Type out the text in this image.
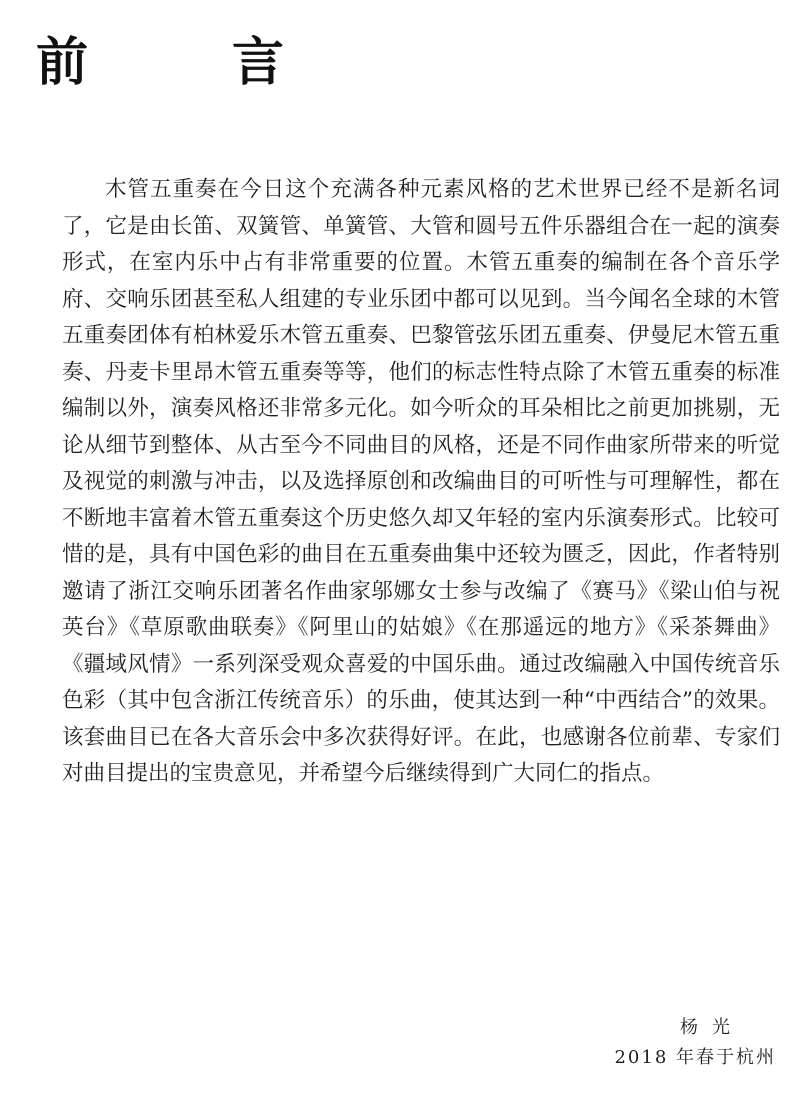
前　言

木管五重奏在今日这个充满各种元素风格的艺术世界已经不是新名词了，它是由长笛、双簧管、单簧管、大管和圆号五件乐器组合在一起的演奏形式，在室内乐中占有非常重要的位置。木管五重奏的编制在各个音乐学府、交响乐团甚至私人组建的专业乐团中都可以见到。当今闻名全球的木管五重奏团体有柏林爱乐木管五重奏、巴黎管弦乐团五重奏、伊曼尼木管五重奏、丹麦卡里昂木管五重奏等等，他们的标志性特点除了木管五重奏的标准编制以外，演奏风格还非常多元化。如今听众的耳朵相比之前更加挑剔，无论从细节到整体、从古至今不同曲目的风格，还是不同作曲家所带来的听觉及视觉的刺激与冲击，以及选择原创和改编曲目的可听性与可理解性，都在不断地丰富着木管五重奏这个历史悠久却又年轻的室内乐演奏形式。比较可惜的是，具有中国色彩的曲目在五重奏曲集中还较为匮乏，因此，作者特别邀请了浙江交响乐团著名作曲家邬娜女士参与改编了《赛马》《梁山伯与祝英台》《草原歌曲联奏》《阿里山的姑娘》《在那遥远的地方》《采茶舞曲》《疆域风情》一系列深受观众喜爱的中国乐曲。通过改编融入中国传统音乐色彩（其中包含浙江传统音乐）的乐曲，使其达到一种“中西结合”的效果。该套曲目已在各大音乐会中多次获得好评。在此，也感谢各位前辈、专家们对曲目提出的宝贵意见，并希望今后继续得到广大同仁的指点。

杨光
2018 年春于杭州
